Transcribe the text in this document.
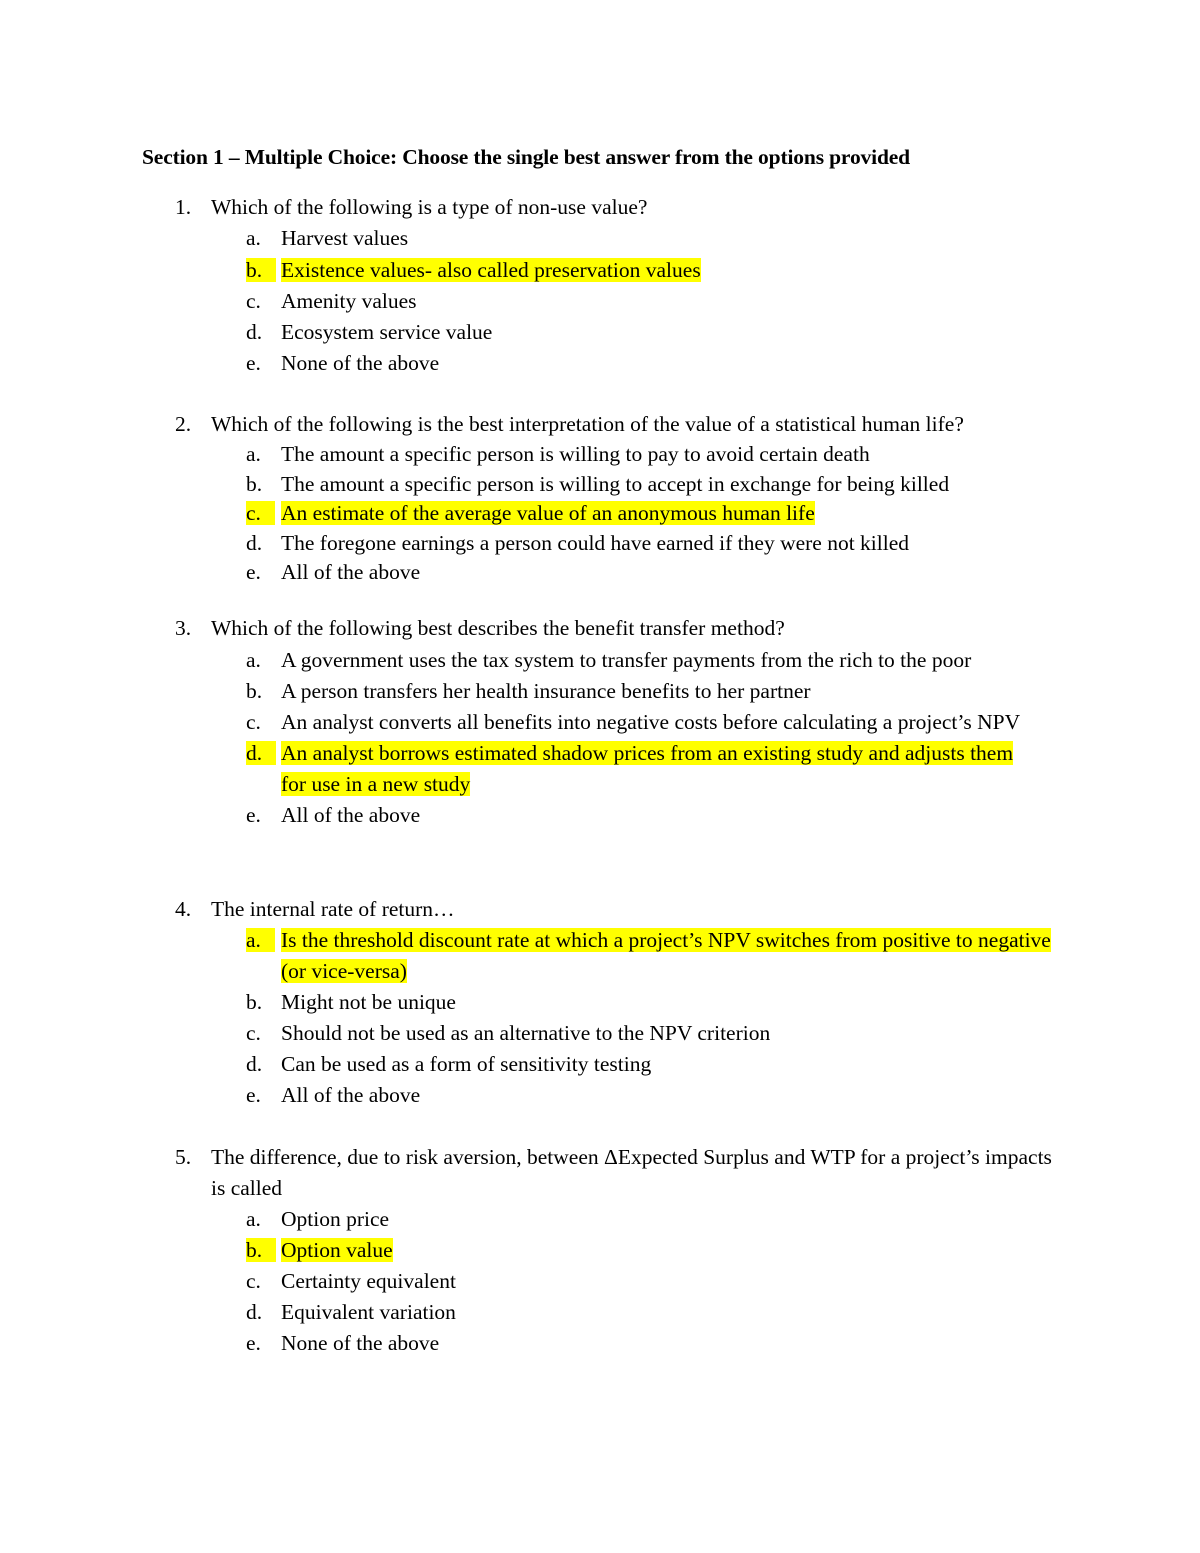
Section 1 – Multiple Choice: Choose the single best answer from the options provided
1. Which of the following is a type of non-use value?
a. Harvest values
b. Existence values- also called preservation values
c. Amenity values
d. Ecosystem service value
e. None of the above
2. Which of the following is the best interpretation of the value of a statistical human life?
a. The amount a specific person is willing to pay to avoid certain death
b. The amount a specific person is willing to accept in exchange for being killed
c. An estimate of the average value of an anonymous human life
d. The foregone earnings a person could have earned if they were not killed
e. All of the above
3. Which of the following best describes the benefit transfer method?
a. A government uses the tax system to transfer payments from the rich to the poor
b. A person transfers her health insurance benefits to her partner
c. An analyst converts all benefits into negative costs before calculating a project’s NPV
d. An analyst borrows estimated shadow prices from an existing study and adjusts them for use in a new study
e. All of the above
4. The internal rate of return…
a. Is the threshold discount rate at which a project’s NPV switches from positive to negative (or vice-versa)
b. Might not be unique
c. Should not be used as an alternative to the NPV criterion
d. Can be used as a form of sensitivity testing
e. All of the above
5. The difference, due to risk aversion, between ΔExpected Surplus and WTP for a project’s impacts is called
a. Option price
b. Option value
c. Certainty equivalent
d. Equivalent variation
e. None of the above
